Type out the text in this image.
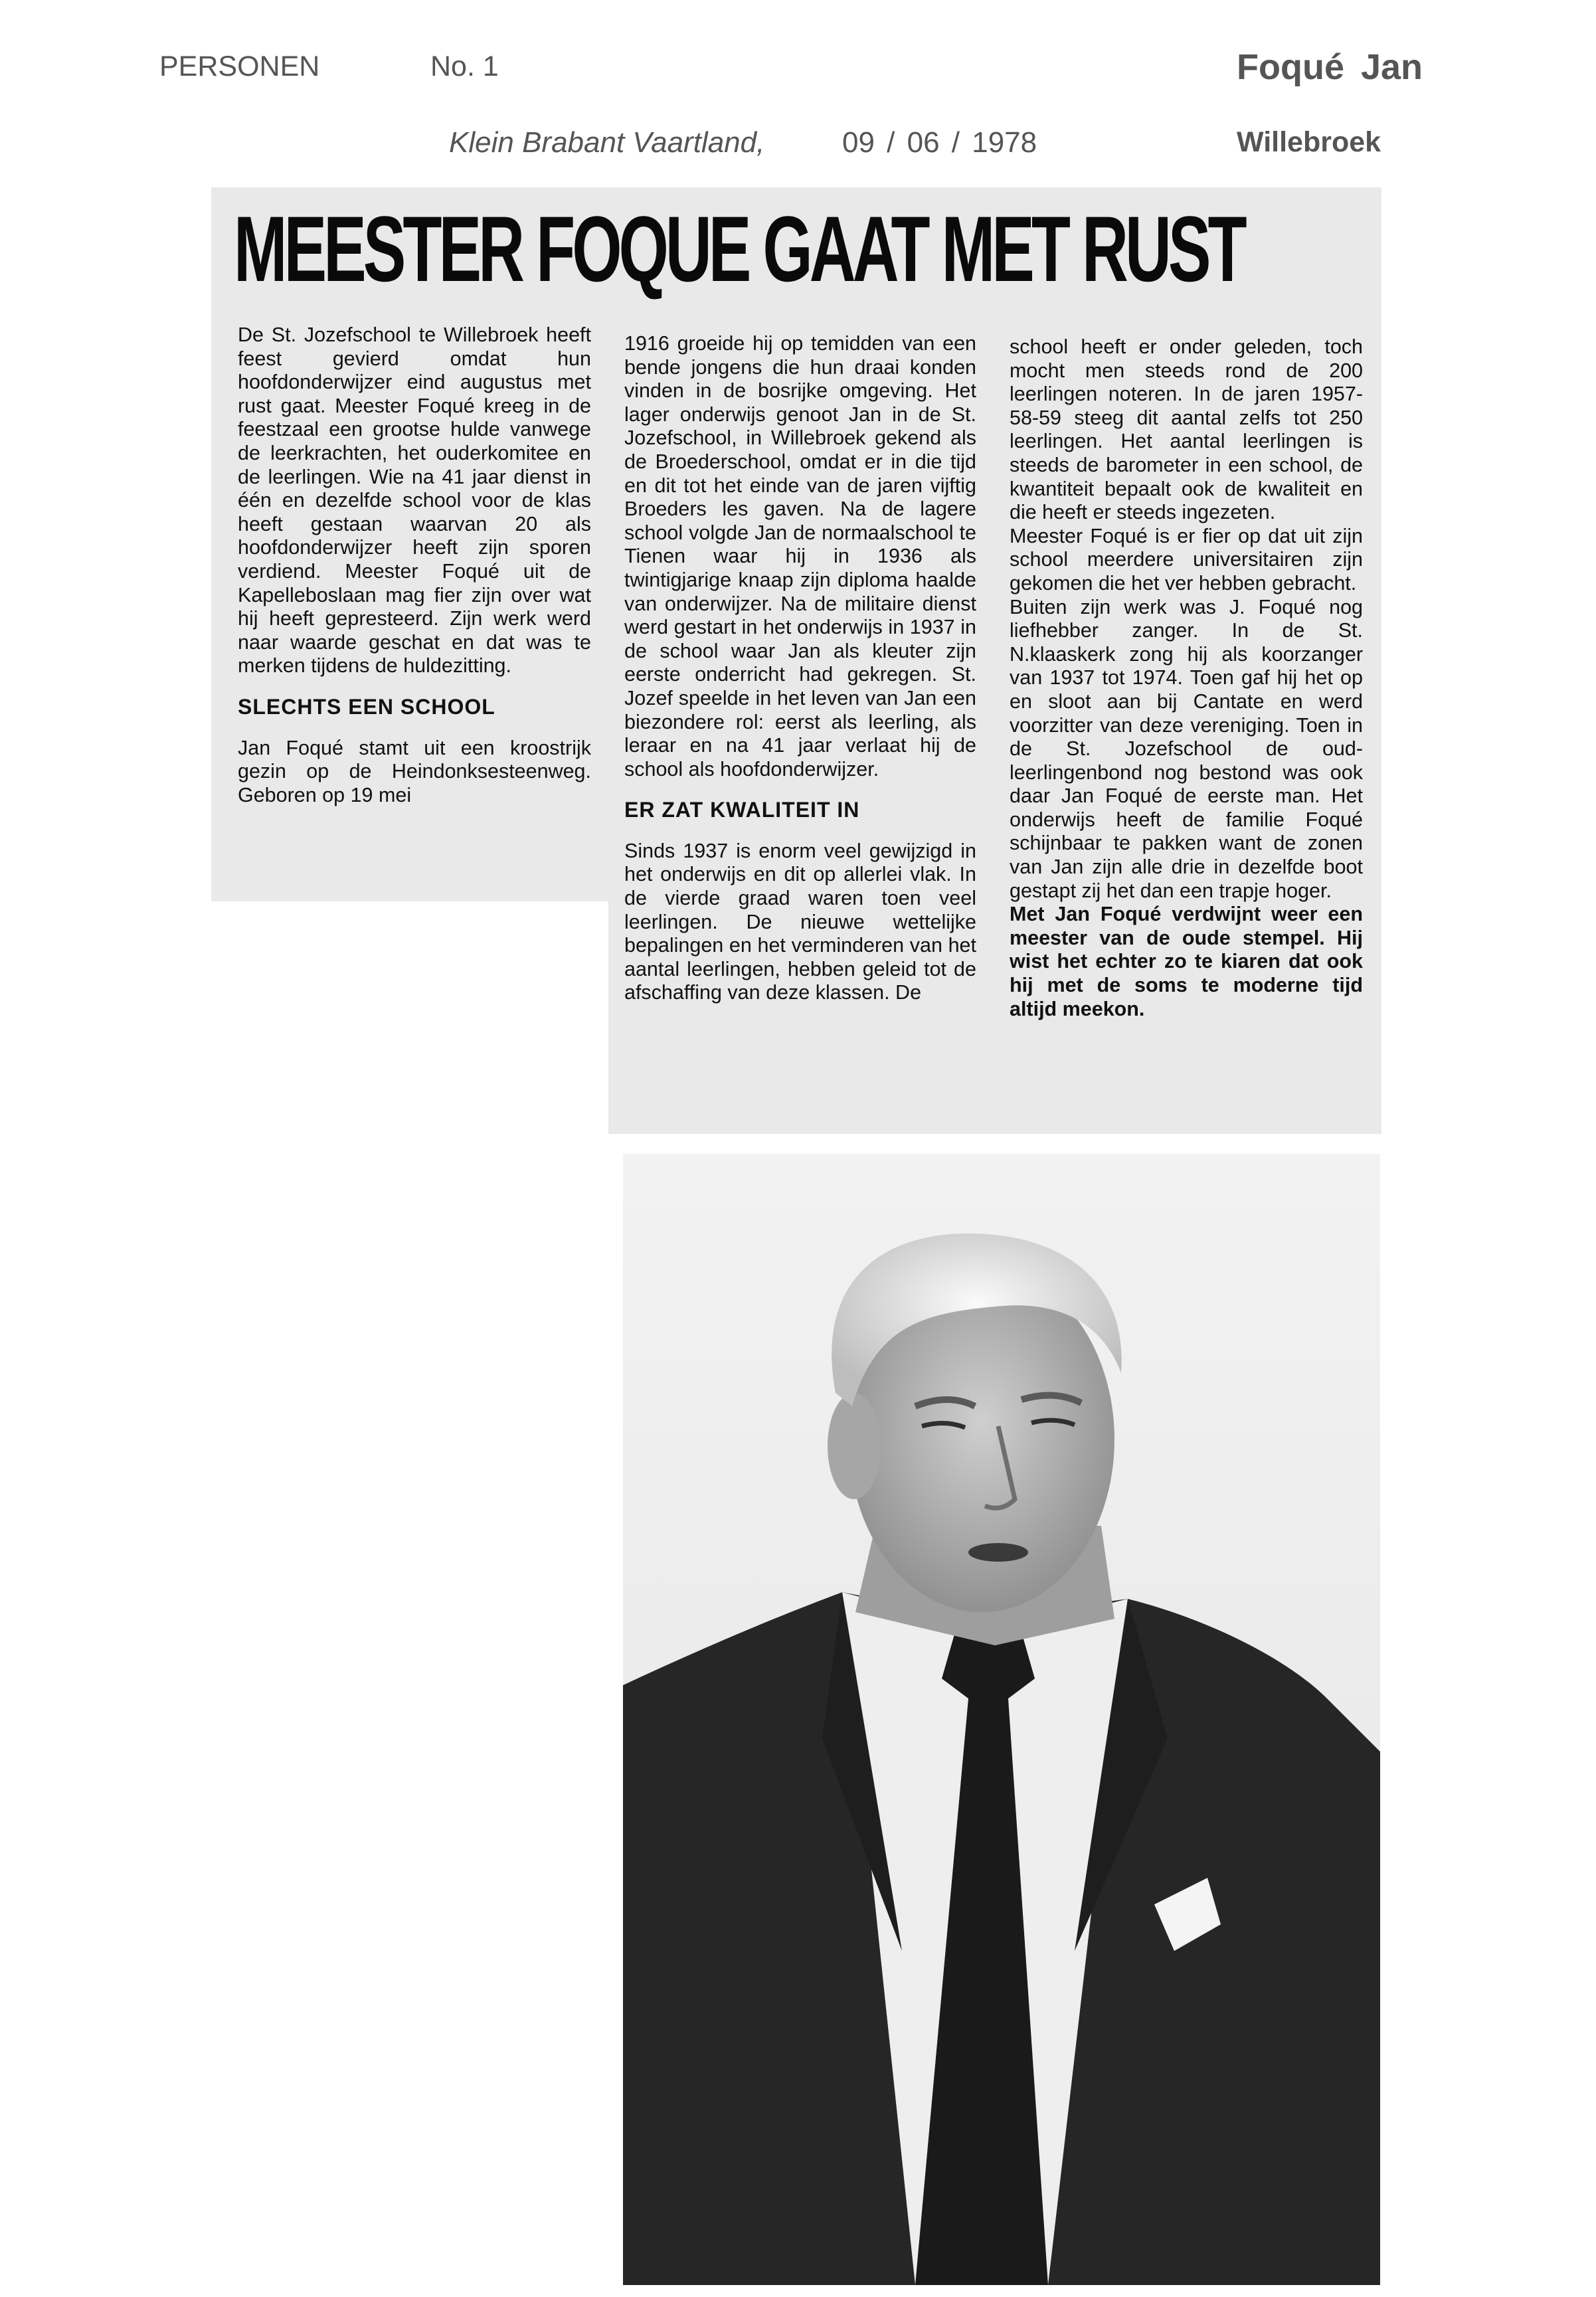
PERSONEN	No. 1	Foqué Jan
Klein Brabant Vaartland,	09 / 06 / 1978	Willebroek
MEESTER FOQUE GAAT MET RUST

De St. Jozefschool te Willebroek heeft feest gevierd omdat hun hoofdonderwijzer eind augustus met rust gaat. Meester Foqué kreeg in de feestzaal een grootse hulde vanwege de leerkrachten, het ouderkomitee en de leerlingen. Wie na 41 jaar dienst in één en dezelfde school voor de klas heeft gestaan waarvan 20 als hoofdonderwijzer heeft zijn sporen verdiend. Meester Foqué uit de Kapelleboslaan mag fier zijn over wat hij heeft gepresteerd. Zijn werk werd naar waarde geschat en dat was te merken tijdens de huldezitting.

SLECHTS EEN SCHOOL

Jan Foqué stamt uit een kroostrijk gezin op de Heindonksesteenweg. Geboren op 19 mei

1916 groeide hij op temidden van een bende jongens die hun draai konden vinden in de bosrijke omgeving. Het lager onderwijs genoot Jan in de St. Jozefschool, in Willebroek gekend als de Broederschool, omdat er in die tijd en dit tot het einde van de jaren vijftig Broeders les gaven. Na de lagere school volgde Jan de normaalschool te Tienen waar hij in 1936 als twintigjarige knaap zijn diploma haalde van onderwijzer. Na de militaire dienst werd gestart in het onderwijs in 1937 in de school waar Jan als kleuter zijn eerste onderricht had gekregen. St. Jozef speelde in het leven van Jan een biezondere rol: eerst als leerling, als leraar en na 41 jaar verlaat hij de school als hoofdonderwijzer.

ER ZAT KWALITEIT IN

Sinds 1937 is enorm veel gewijzigd in het onderwijs en dit op allerlei vlak. In de vierde graad waren toen veel leerlingen. De nieuwe wettelijke bepalingen en het verminderen van het aantal leerlingen, hebben geleid tot de afschaffing van deze klassen. De

school heeft er onder geleden, toch mocht men steeds rond de 200 leerlingen noteren. In de jaren 1957-58-59 steeg dit aantal zelfs tot 250 leerlingen. Het aantal leerlingen is steeds de barometer in een school, de kwantiteit bepaalt ook de kwaliteit en die heeft er steeds ingezeten.

Meester Foqué is er fier op dat uit zijn school meerdere universitairen zijn gekomen die het ver hebben gebracht.

Buiten zijn werk was J. Foqué nog liefhebber zanger. In de St. N.klaaskerk zong hij als koorzanger van 1937 tot 1974. Toen gaf hij het op en sloot aan bij Cantate en werd voorzitter van deze vereniging. Toen in de St. Jozefschool de oud-leerlingenbond nog bestond was ook daar Jan Foqué de eerste man. Het onderwijs heeft de familie Foqué schijnbaar te pakken want de zonen van Jan zijn alle drie in dezelfde boot gestapt zij het dan een trapje hoger.

Met Jan Foqué verdwijnt weer een meester van de oude stempel. Hij wist het echter zo te kiaren dat ook hij met de soms te moderne tijd altijd meekon.
